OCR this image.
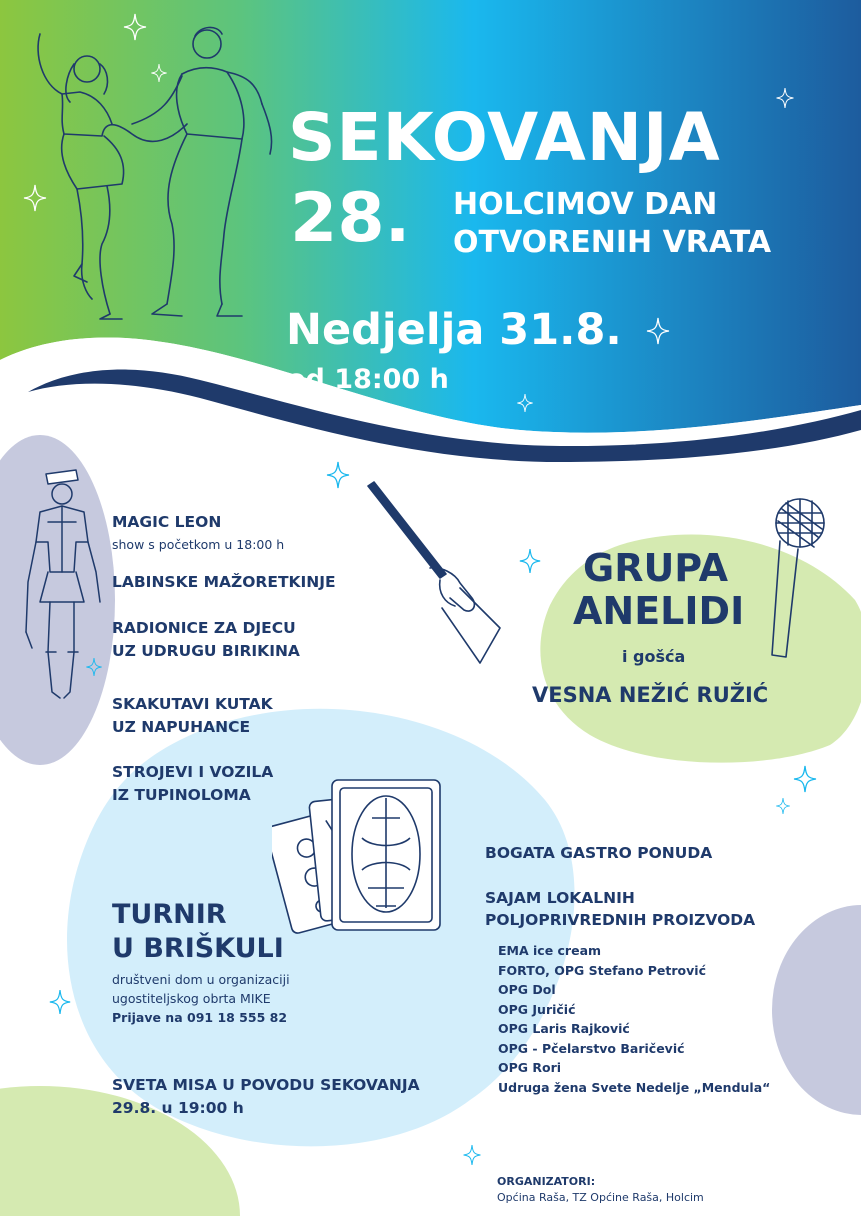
SEKOVANJA
28. HOLCIMOV DAN
OTVORENIH VRATA
Nedjelja 31.8.
od 18:00 h
MAGIC LEON
show s početkom u 18:00 h
LABINSKE MAŽORETKINJE
RADIONICE ZA DJECU
UZ UDRUGU BIRIKINA
SKAKUTAVI KUTAK
UZ NAPUHANCE
STROJEVI I VOZILA
IZ TUPINOLOMA
GRUPA
ANELIDI
i gošća
VESNA NEŽIĆ RUŽIĆ
TURNIR
U BRIŠKULI
društveni dom u organizaciji
ugostiteljskog obrta MIKE
Prijave na 091 18 555 82
SVETA MISA U POVODU SEKOVANJA
29.8. u 19:00 h
BOGATA GASTRO PONUDA
SAJAM LOKALNIH
POLJOPRIVREDNIH PROIZVODA
EMA ice cream
FORTO, OPG Stefano Petrović
OPG Dol
OPG Juričić
OPG Laris Rajković
OPG - Pčelarstvo Baričević
OPG Rori
Udruga žena Svete Nedelje „Mendula“
ORGANIZATORI:
Općina Raša, TZ Općine Raša, Holcim
